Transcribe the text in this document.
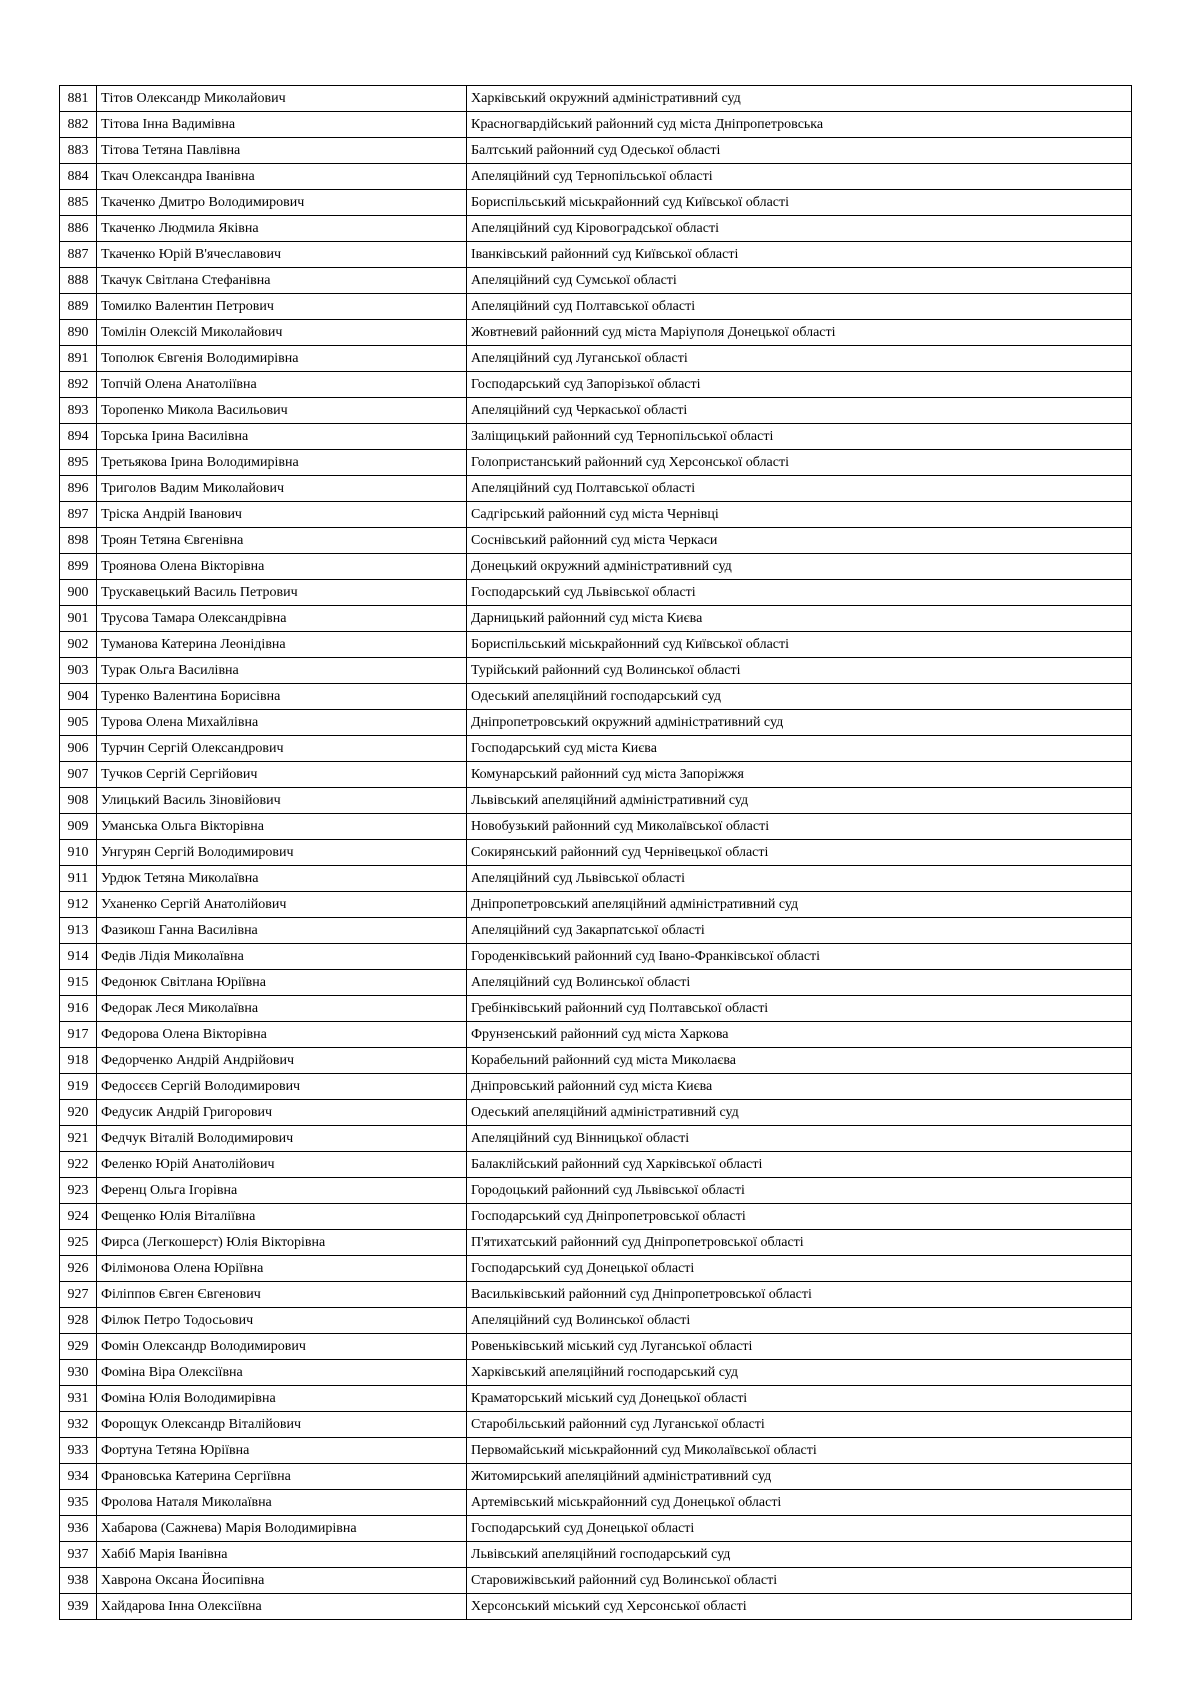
881	Тітов Олександр Миколайович	Харківський окружний адміністративний суд
882	Тітова Інна Вадимівна	Красногвардійський районний суд міста Дніпропетровська
883	Тітова Тетяна Павлівна	Балтський районний суд Одеської області
884	Ткач Олександра Іванівна	Апеляційний суд Тернопільської області
885	Ткаченко Дмитро Володимирович	Бориспільський міськрайонний суд Київської області
886	Ткаченко Людмила Яківна	Апеляційний суд Кіровоградської області
887	Ткаченко Юрій В'ячеславович	Іванківський районний суд Київської області
888	Ткачук Світлана Стефанівна	Апеляційний суд Сумської області
889	Томилко Валентин Петрович	Апеляційний суд Полтавської області
890	Томілін Олексій Миколайович	Жовтневий районний суд міста Маріуполя Донецької області
891	Тополюк Євгенія Володимирівна	Апеляційний суд Луганської області
892	Топчій Олена Анатоліївна	Господарський суд Запорізької області
893	Торопенко Микола Васильович	Апеляційний суд Черкаської області
894	Торська Ірина Василівна	Заліщицький районний суд Тернопільської області
895	Третьякова Ірина Володимирівна	Голопристанський районний суд Херсонської області
896	Триголов Вадим Миколайович	Апеляційний суд Полтавської області
897	Тріска Андрій Іванович	Садгірський районний суд міста Чернівці
898	Троян Тетяна Євгенівна	Соснівський районний суд міста Черкаси
899	Троянова Олена Вікторівна	Донецький окружний адміністративний суд
900	Трускавецький Василь Петрович	Господарський суд Львівської області
901	Трусова Тамара Олександрівна	Дарницький районний суд міста Києва
902	Туманова Катерина Леонідівна	Бориспільський міськрайонний суд Київської області
903	Турак Ольга Василівна	Турійський районний суд Волинської області
904	Туренко Валентина Борисівна	Одеський апеляційний господарський суд
905	Турова Олена Михайлівна	Дніпропетровський окружний адміністративний суд
906	Турчин Сергій Олександрович	Господарський суд міста Києва
907	Тучков Сергій Сергійович	Комунарський районний суд міста Запоріжжя
908	Улицький Василь Зіновійович	Львівський апеляційний адміністративний суд
909	Уманська Ольга Вікторівна	Новобузький районний суд Миколаївської області
910	Унгурян Сергій Володимирович	Сокирянський районний суд Чернівецької області
911	Урдюк Тетяна Миколаївна	Апеляційний суд Львівської області
912	Уханенко Сергій Анатолійович	Дніпропетровський апеляційний адміністративний суд
913	Фазикош Ганна Василівна	Апеляційний суд Закарпатської області
914	Федів Лідія Миколаївна	Городенківський районний суд Івано-Франківської області
915	Федонюк Світлана Юріївна	Апеляційний суд Волинської області
916	Федорак Леся Миколаївна	Гребінківський районний суд Полтавської області
917	Федорова Олена Вікторівна	Фрунзенський районний суд міста Харкова
918	Федорченко Андрій Андрійович	Корабельний районний суд міста Миколаєва
919	Федосєєв Сергій Володимирович	Дніпровський районний суд міста Києва
920	Федусик Андрій Григорович	Одеський апеляційний адміністративний суд
921	Федчук Віталій Володимирович	Апеляційний суд Вінницької області
922	Феленко Юрій Анатолійович	Балаклійський районний суд Харківської області
923	Ференц Ольга Ігорівна	Городоцький районний суд Львівської області
924	Фещенко Юлія Віталіївна	Господарський суд Дніпропетровської області
925	Фирса (Легкошерст) Юлія Вікторівна	П'ятихатський районний суд Дніпропетровської області
926	Філімонова Олена Юріївна	Господарський суд Донецької області
927	Філіппов Євген Євгенович	Васильківський районний суд Дніпропетровської області
928	Філюк Петро Тодосьович	Апеляційний суд Волинської області
929	Фомін Олександр Володимирович	Ровеньківський міський суд Луганської області
930	Фоміна Віра Олексіївна	Харківський апеляційний господарський суд
931	Фоміна Юлія Володимирівна	Краматорський міський суд Донецької області
932	Форощук Олександр Віталійович	Старобільський районний суд Луганської області
933	Фортуна Тетяна Юріївна	Первомайський міськрайонний суд Миколаївської області
934	Франовська Катерина Сергіївна	Житомирський апеляційний адміністративний суд
935	Фролова Наталя Миколаївна	Артемівський міськрайонний суд Донецької області
936	Хабарова (Сажнева) Марія Володимирівна	Господарський суд Донецької області
937	Хабіб Марія Іванівна	Львівський апеляційний господарський суд
938	Хаврона Оксана Йосипівна	Старовижівський районний суд Волинської області
939	Хайдарова Інна Олексіївна	Херсонський міський суд Херсонської області
